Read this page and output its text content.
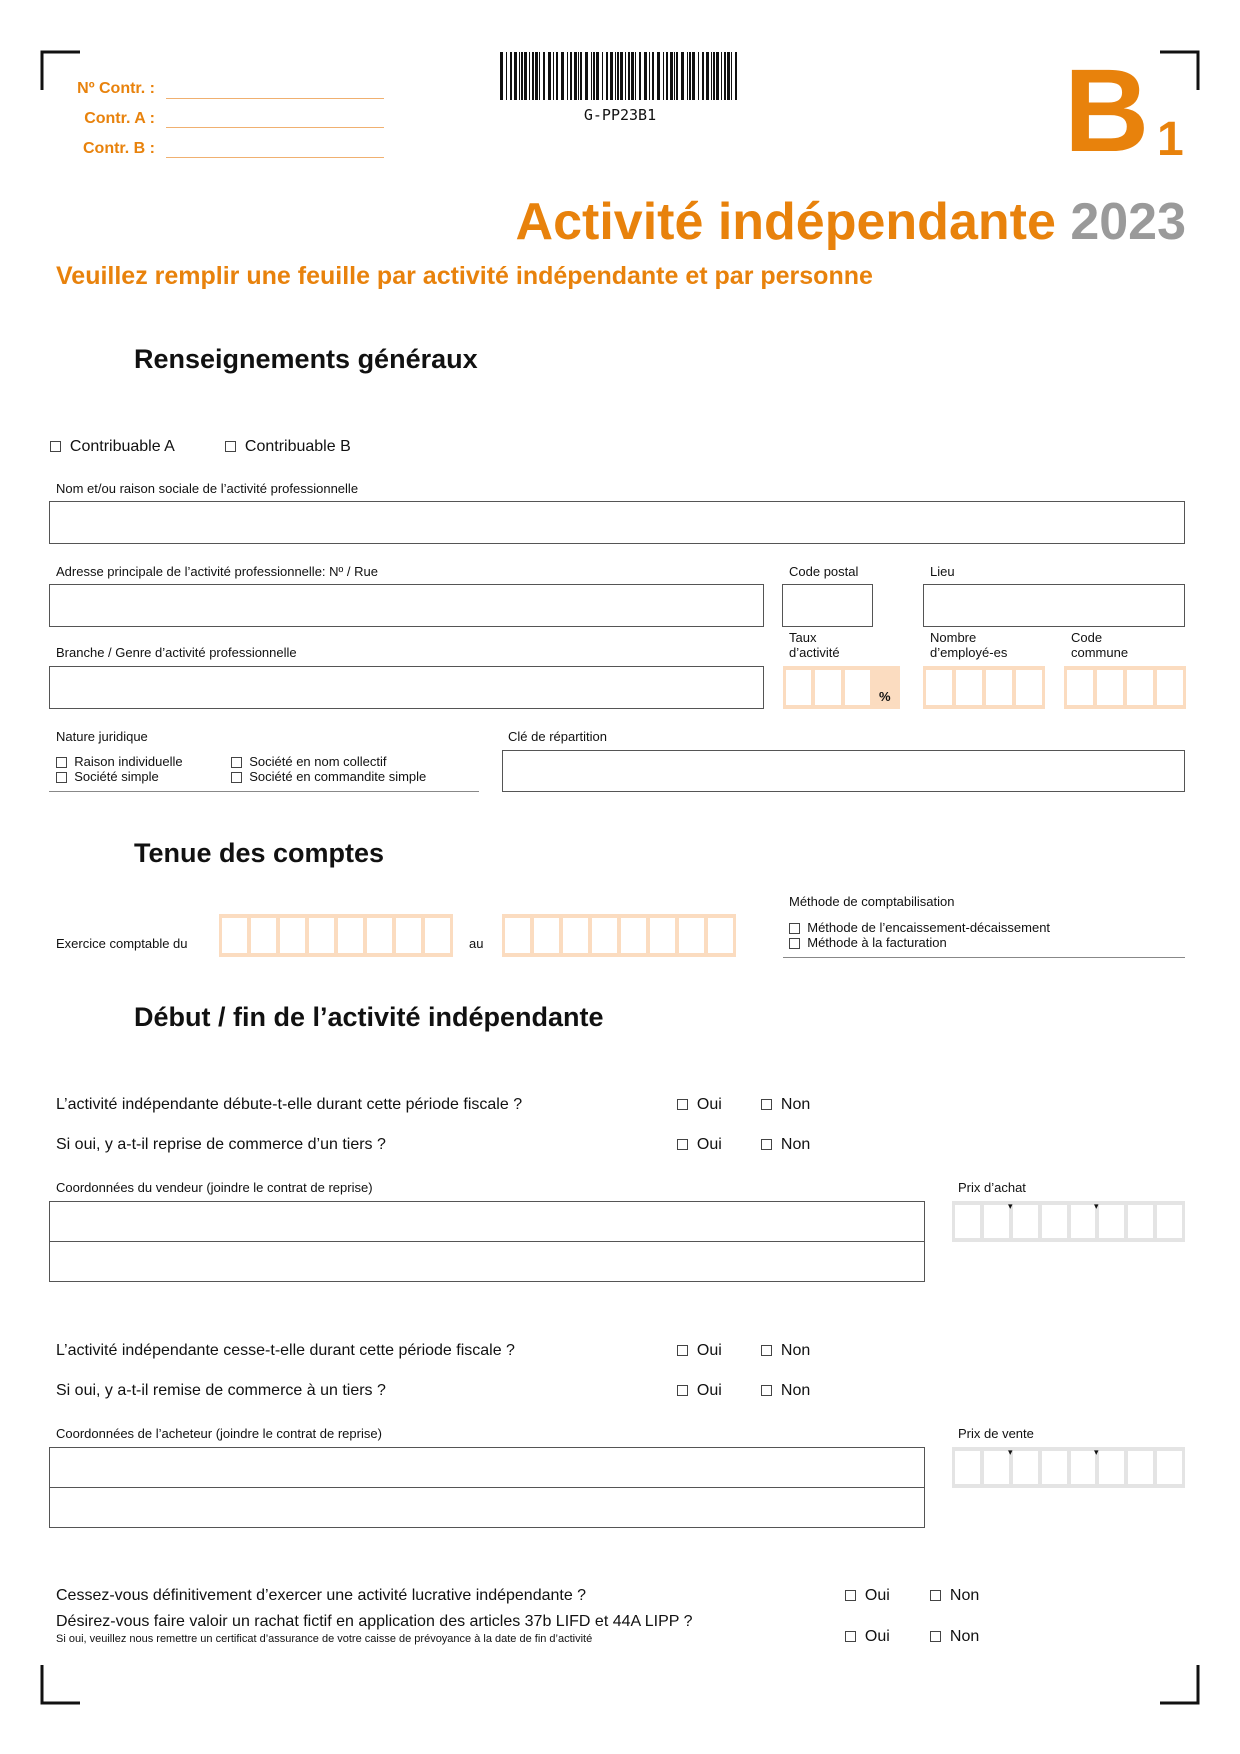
Nº Contr. :
Contr. A :
Contr. B :
G-PP23B1	B 1
Activité indépendante 2023
Veuillez remplir une feuille par activité indépendante et par personne
Renseignements généraux
Contribuable A	Contribuable B
Nom et/ou raison sociale de l’activité professionnelle
Adresse principale de l’activité professionnelle: Nº / Rue	Code postal	Lieu
Branche / Genre d’activité professionnelle
Taux
d’activité
%
Nombre
d’employé-es
Code
commune
Nature juridique
Raison individuelle
Société simple
Société en nom collectif
Société en commandite simple
Clé de répartition
Tenue des comptes
Exercice comptable du	au
Méthode de comptabilisation
Méthode de l’encaissement-décaissement
Méthode à la facturation
Début / fin de l’activité indépendante
L’activité indépendante débute-t-elle durant cette période fiscale ?	Oui	Non
Si oui, y a-t-il reprise de commerce d’un tiers ?	Oui	Non
Coordonnées du vendeur (joindre le contrat de reprise)	Prix d’achat
▾	▾
L’activité indépendante cesse-t-elle durant cette période fiscale ?	Oui	Non
Si oui, y a-t-il remise de commerce à un tiers ?	Oui	Non
Coordonnées de l’acheteur (joindre le contrat de reprise)	Prix de vente
▾	▾
Cessez-vous définitivement d’exercer une activité lucrative indépendante ?	Oui	Non
Désirez-vous faire valoir un rachat fictif en application des articles 37b LIFD et 44A LIPP ?
Si oui, veuillez nous remettre un certificat d’assurance de votre caisse de prévoyance à la date de fin d’activité	Oui	Non
